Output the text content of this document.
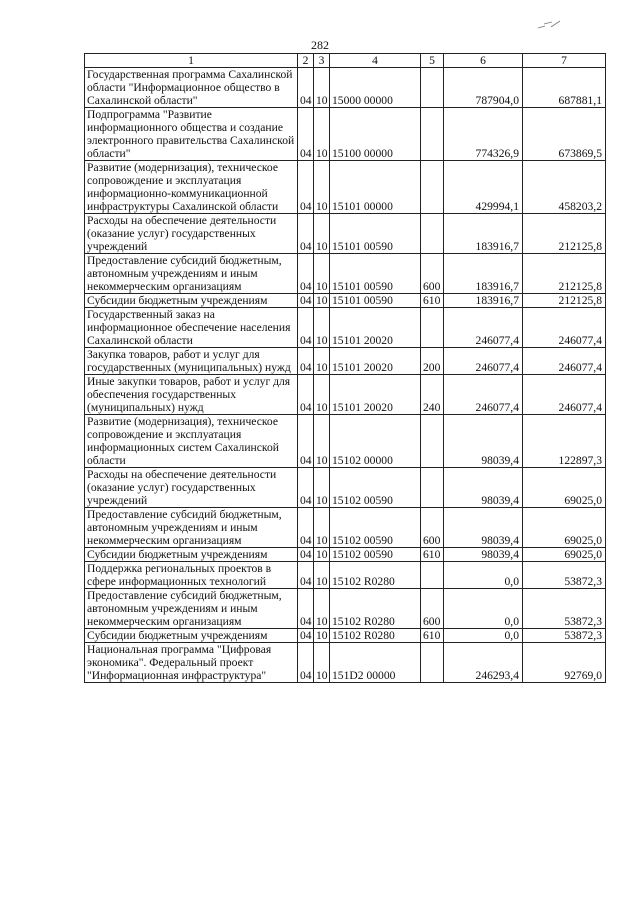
282
1	2	3	4	5	6	7
Государственная программа Сахалинской области "Информационное общество в Сахалинской области"	04	10	15000 00000		787904,0	687881,1
Подпрограмма "Развитие информационного общества и создание электронного правительства Сахалинской области"	04	10	15100 00000		774326,9	673869,5
Развитие (модернизация), техническое сопровождение и эксплуатация информационно-коммуникационной инфраструктуры Сахалинской области	04	10	15101 00000		429994,1	458203,2
Расходы на обеспечение деятельности (оказание услуг) государственных учреждений	04	10	15101 00590		183916,7	212125,8
Предоставление субсидий бюджетным, автономным учреждениям и иным некоммерческим организациям	04	10	15101 00590	600	183916,7	212125,8
Субсидии бюджетным учреждениям	04	10	15101 00590	610	183916,7	212125,8
Государственный заказ на информационное обеспечение населения Сахалинской области	04	10	15101 20020		246077,4	246077,4
Закупка товаров, работ и услуг для государственных (муниципальных) нужд	04	10	15101 20020	200	246077,4	246077,4
Иные закупки товаров, работ и услуг для обеспечения государственных (муниципальных) нужд	04	10	15101 20020	240	246077,4	246077,4
Развитие (модернизация), техническое сопровождение и эксплуатация информационных систем Сахалинской области	04	10	15102 00000		98039,4	122897,3
Расходы на обеспечение деятельности (оказание услуг) государственных учреждений	04	10	15102 00590		98039,4	69025,0
Предоставление субсидий бюджетным, автономным учреждениям и иным некоммерческим организациям	04	10	15102 00590	600	98039,4	69025,0
Субсидии бюджетным учреждениям	04	10	15102 00590	610	98039,4	69025,0
Поддержка региональных проектов в сфере информационных технологий	04	10	15102 R0280		0,0	53872,3
Предоставление субсидий бюджетным, автономным учреждениям и иным некоммерческим организациям	04	10	15102 R0280	600	0,0	53872,3
Субсидии бюджетным учреждениям	04	10	15102 R0280	610	0,0	53872,3
Национальная программа "Цифровая экономика". Федеральный проект "Информационная инфраструктура"	04	10	151D2 00000		246293,4	92769,0
